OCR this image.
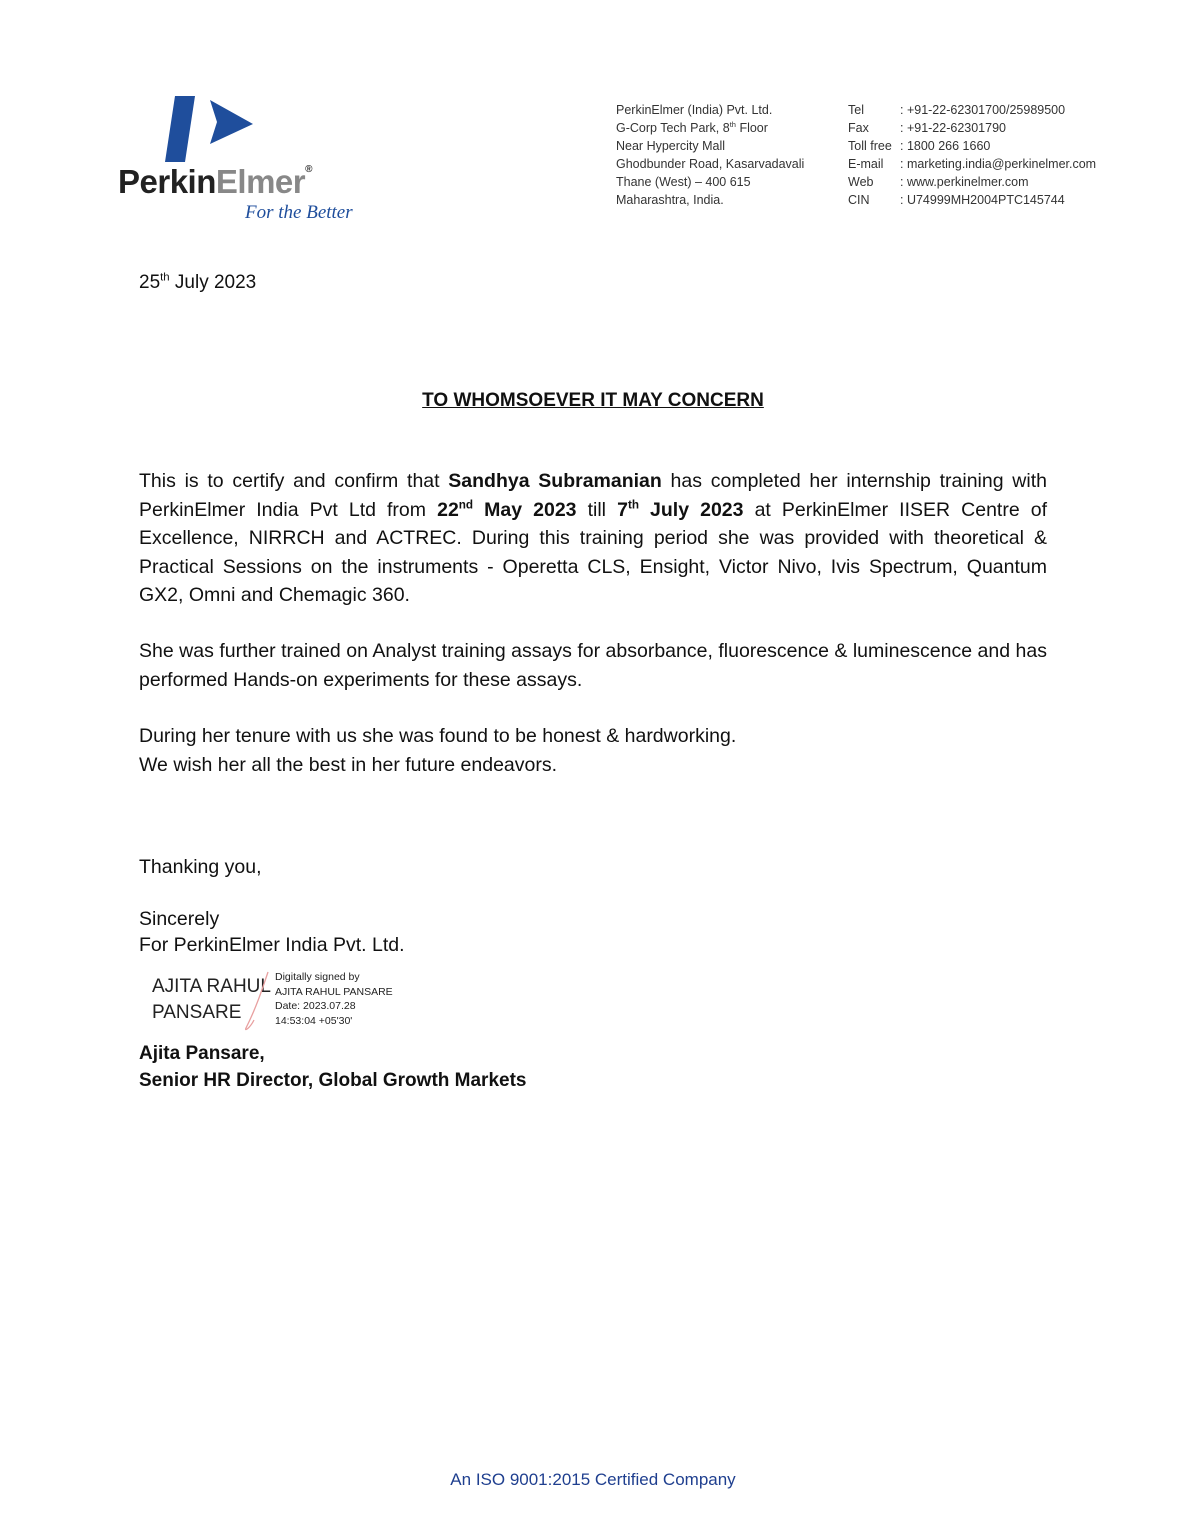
PerkinElmer®
For the Better
PerkinElmer (India) Pvt. Ltd.
G-Corp Tech Park, 8th Floor
Near Hypercity Mall
Ghodbunder Road, Kasarvadavali
Thane (West) – 400 615
Maharashtra, India.
Tel	: +91-22-62301700/25989500
Fax	: +91-22-62301790
Toll free : 1800 266 1660
E-mail	: marketing.india@perkinelmer.com
Web	: www.perkinelmer.com
CIN	: U74999MH2004PTC145744
25th July 2023
TO WHOMSOEVER IT MAY CONCERN
This is to certify and confirm that Sandhya Subramanian has completed her internship training with PerkinElmer India Pvt Ltd from 22nd May 2023 till 7th July 2023 at PerkinElmer IISER Centre of Excellence, NIRRCH and ACTREC. During this training period she was provided with theoretical & Practical Sessions on the instruments - Operetta CLS, Ensight, Victor Nivo, Ivis Spectrum, Quantum GX2, Omni and Chemagic 360.
She was further trained on Analyst training assays for absorbance, fluorescence & luminescence and has performed Hands-on experiments for these assays.
During her tenure with us she was found to be honest & hardworking.
We wish her all the best in her future endeavors.
Thanking you,
Sincerely
For PerkinElmer India Pvt. Ltd.
AJITA RAHUL
PANSARE
Digitally signed by
AJITA RAHUL PANSARE
Date: 2023.07.28
14:53:04 +05'30'
Ajita Pansare,
Senior HR Director, Global Growth Markets
An ISO 9001:2015 Certified Company
